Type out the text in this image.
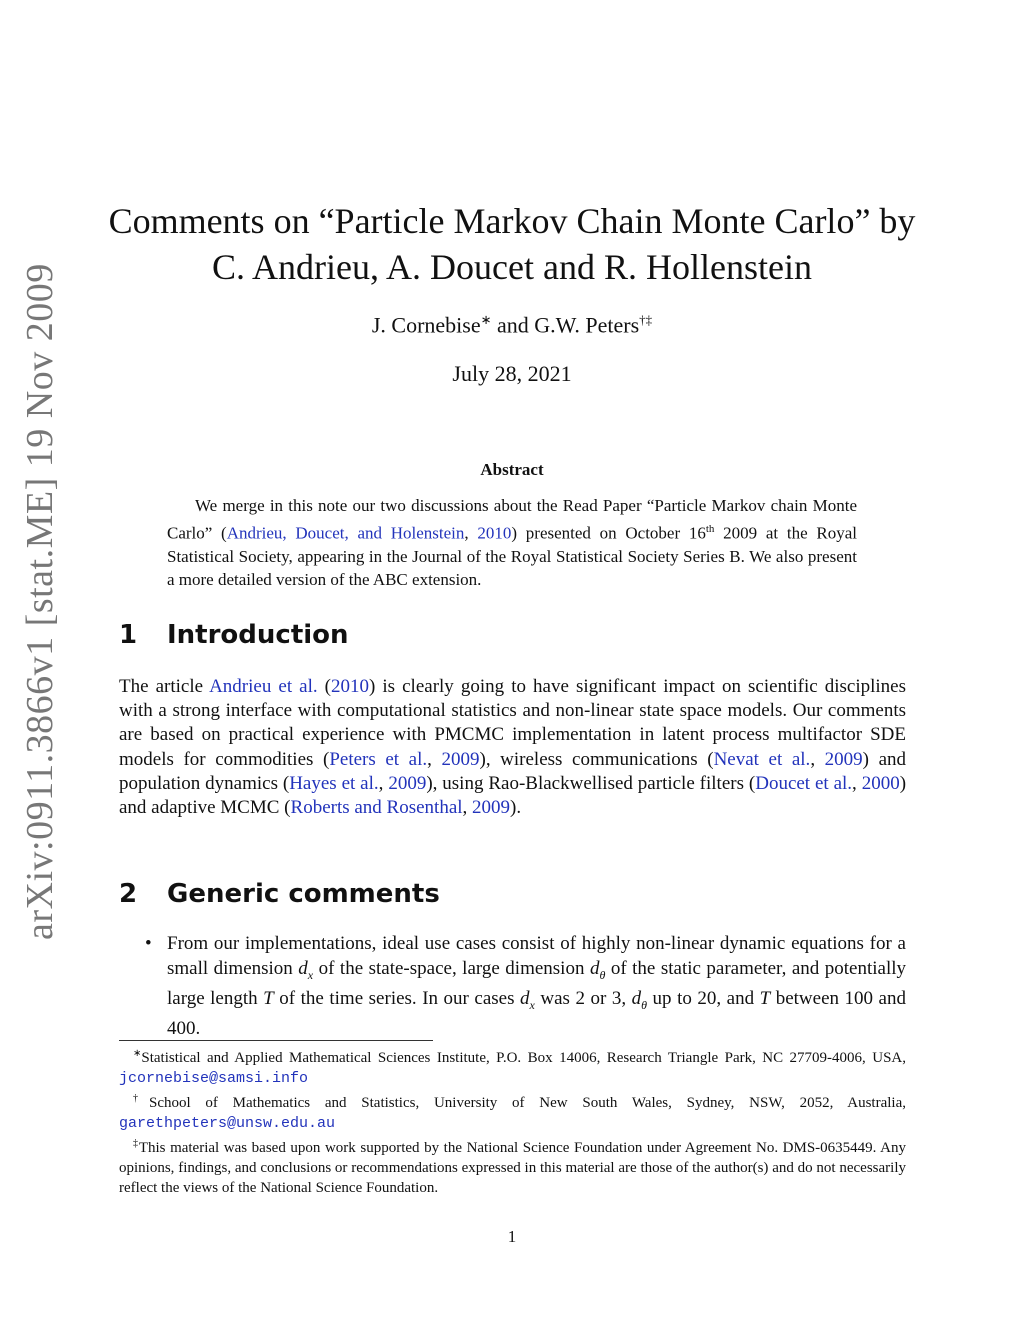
arXiv:0911.3866v1 [stat.ME] 19 Nov 2009
Comments on “Particle Markov Chain Monte Carlo” by
C. Andrieu, A. Doucet and R. Hollenstein
J. Cornebise∗ and G.W. Peters†‡
July 28, 2021
Abstract
We merge in this note our two discussions about the Read Paper “Particle Markov chain Monte Carlo” (Andrieu, Doucet, and Holenstein, 2010) presented on October 16th 2009 at the Royal Statistical Society, appearing in the Journal of the Royal Statistical Society Series B. We also present a more detailed version of the ABC extension.
1 Introduction
The article Andrieu et al. (2010) is clearly going to have significant impact on scientific disciplines with a strong interface with computational statistics and non-linear state space models. Our comments are based on practical experience with PMCMC implementation in latent process multifactor SDE models for commodities (Peters et al., 2009), wireless communications (Nevat et al., 2009) and population dynamics (Hayes et al., 2009), using Rao-Blackwellised particle filters (Doucet et al., 2000) and adaptive MCMC (Roberts and Rosenthal, 2009).
2 Generic comments
• From our implementations, ideal use cases consist of highly non-linear dynamic equations for a small dimension $d_x$ of the state-space, large dimension $d_\theta$ of the static parameter, and potentially large length T of the time series. In our cases $d_x$ was 2 or 3, $d_\theta$ up to 20, and T between 100 and 400.

∗Statistical and Applied Mathematical Sciences Institute, P.O. Box 14006, Research Triangle Park, NC 27709-4006, USA, jcornebise@samsi.info

†School of Mathematics and Statistics, University of New South Wales, Sydney, NSW, 2052, Australia, garethpeters@unsw.edu.au

‡This material was based upon work supported by the National Science Foundation under Agreement No. DMS-0635449. Any opinions, findings, and conclusions or recommendations expressed in this material are those of the author(s) and do not necessarily reflect the views of the National Science Foundation.

1
